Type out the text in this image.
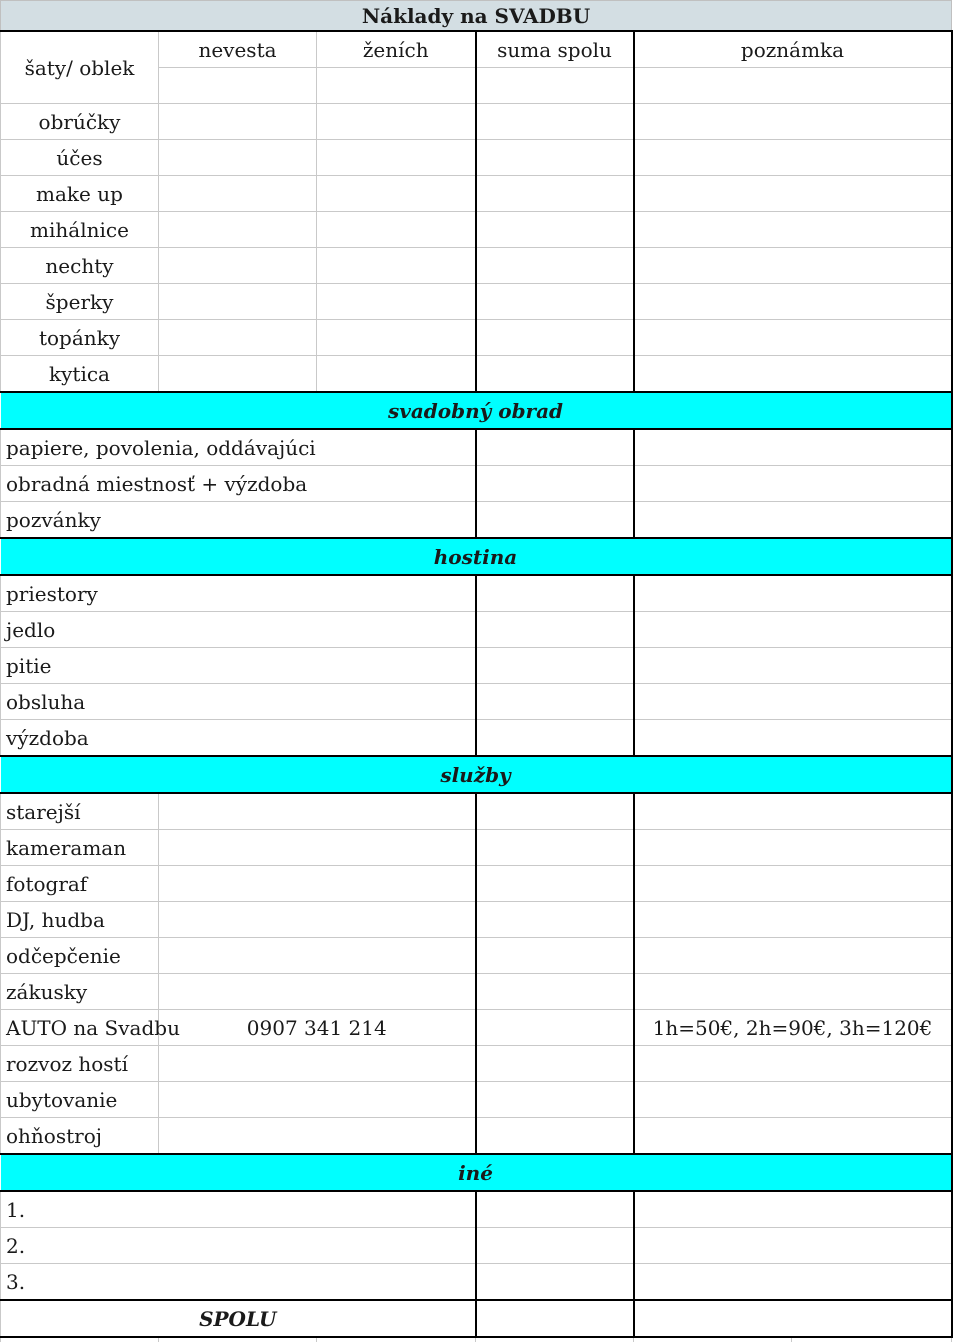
Náklady na SVADBU					
šaty/ oblek	nevesta	ženích	suma spolu	poznámka	

obrúčky					
účes					
make up					
mihálnice					
nechty					
šperky					
topánky					
kytica					
svadobný obrad					
papiere, povolenia, oddávajúci					
obradná miestnosť + výzdoba					
pozvánky					
hostina					
priestory					
jedlo					
pitie					
obsluha					
výzdoba					
služby					
starejší					
kameraman					
fotograf					
DJ, hudba					
odčepčenie					
zákusky					
AUTO na Svadbu	0907 341 214			1h=50€, 2h=90€, 3h=120€	
rozvoz hostí					
ubytovanie					
ohňostroj					
iné					
1.					
2.					
3.					
SPOLU					
